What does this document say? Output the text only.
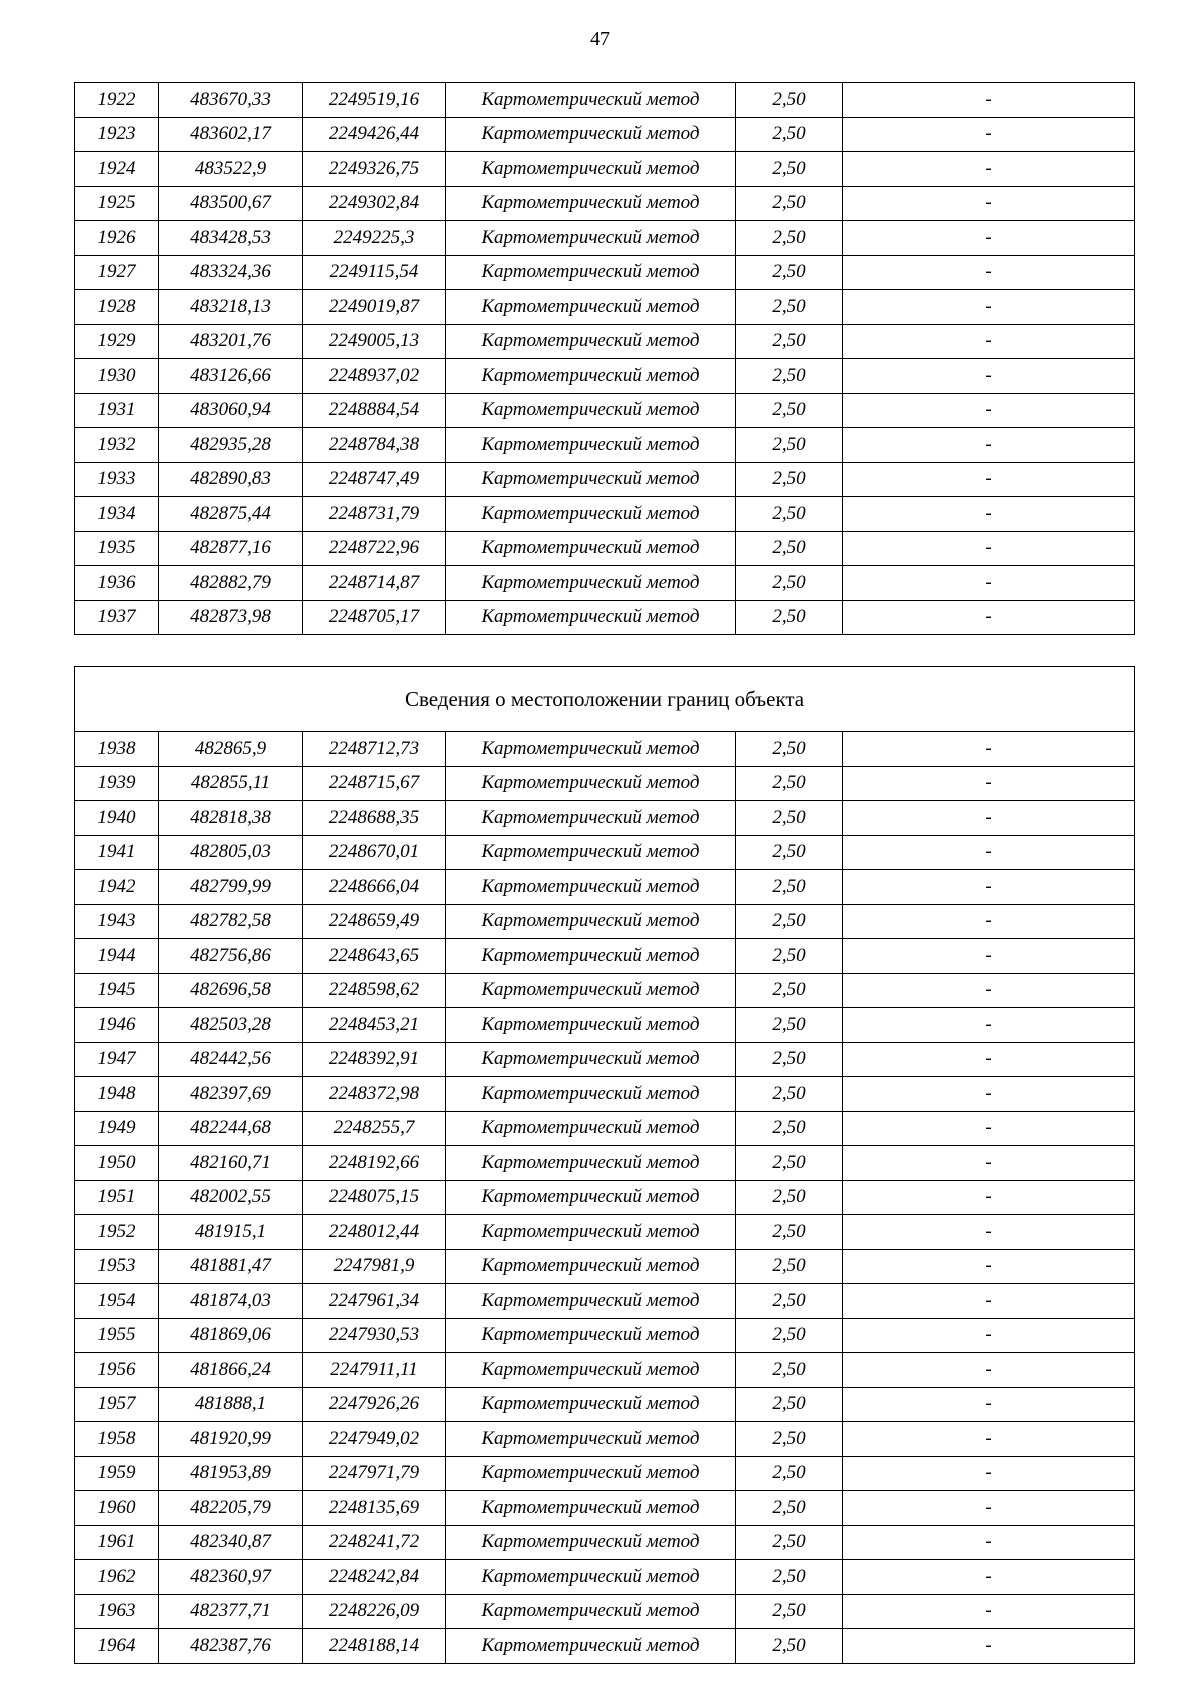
47
1922	483670,33	2249519,16	Картометрический метод	2,50	-
1923	483602,17	2249426,44	Картометрический метод	2,50	-
1924	483522,9	2249326,75	Картометрический метод	2,50	-
1925	483500,67	2249302,84	Картометрический метод	2,50	-
1926	483428,53	2249225,3	Картометрический метод	2,50	-
1927	483324,36	2249115,54	Картометрический метод	2,50	-
1928	483218,13	2249019,87	Картометрический метод	2,50	-
1929	483201,76	2249005,13	Картометрический метод	2,50	-
1930	483126,66	2248937,02	Картометрический метод	2,50	-
1931	483060,94	2248884,54	Картометрический метод	2,50	-
1932	482935,28	2248784,38	Картометрический метод	2,50	-
1933	482890,83	2248747,49	Картометрический метод	2,50	-
1934	482875,44	2248731,79	Картометрический метод	2,50	-
1935	482877,16	2248722,96	Картометрический метод	2,50	-
1936	482882,79	2248714,87	Картометрический метод	2,50	-
1937	482873,98	2248705,17	Картометрический метод	2,50	-
Сведения о местоположении границ объекта					
1938	482865,9	2248712,73	Картометрический метод	2,50	-
1939	482855,11	2248715,67	Картометрический метод	2,50	-
1940	482818,38	2248688,35	Картометрический метод	2,50	-
1941	482805,03	2248670,01	Картометрический метод	2,50	-
1942	482799,99	2248666,04	Картометрический метод	2,50	-
1943	482782,58	2248659,49	Картометрический метод	2,50	-
1944	482756,86	2248643,65	Картометрический метод	2,50	-
1945	482696,58	2248598,62	Картометрический метод	2,50	-
1946	482503,28	2248453,21	Картометрический метод	2,50	-
1947	482442,56	2248392,91	Картометрический метод	2,50	-
1948	482397,69	2248372,98	Картометрический метод	2,50	-
1949	482244,68	2248255,7	Картометрический метод	2,50	-
1950	482160,71	2248192,66	Картометрический метод	2,50	-
1951	482002,55	2248075,15	Картометрический метод	2,50	-
1952	481915,1	2248012,44	Картометрический метод	2,50	-
1953	481881,47	2247981,9	Картометрический метод	2,50	-
1954	481874,03	2247961,34	Картометрический метод	2,50	-
1955	481869,06	2247930,53	Картометрический метод	2,50	-
1956	481866,24	2247911,11	Картометрический метод	2,50	-
1957	481888,1	2247926,26	Картометрический метод	2,50	-
1958	481920,99	2247949,02	Картометрический метод	2,50	-
1959	481953,89	2247971,79	Картометрический метод	2,50	-
1960	482205,79	2248135,69	Картометрический метод	2,50	-
1961	482340,87	2248241,72	Картометрический метод	2,50	-
1962	482360,97	2248242,84	Картометрический метод	2,50	-
1963	482377,71	2248226,09	Картометрический метод	2,50	-
1964	482387,76	2248188,14	Картометрический метод	2,50	-
